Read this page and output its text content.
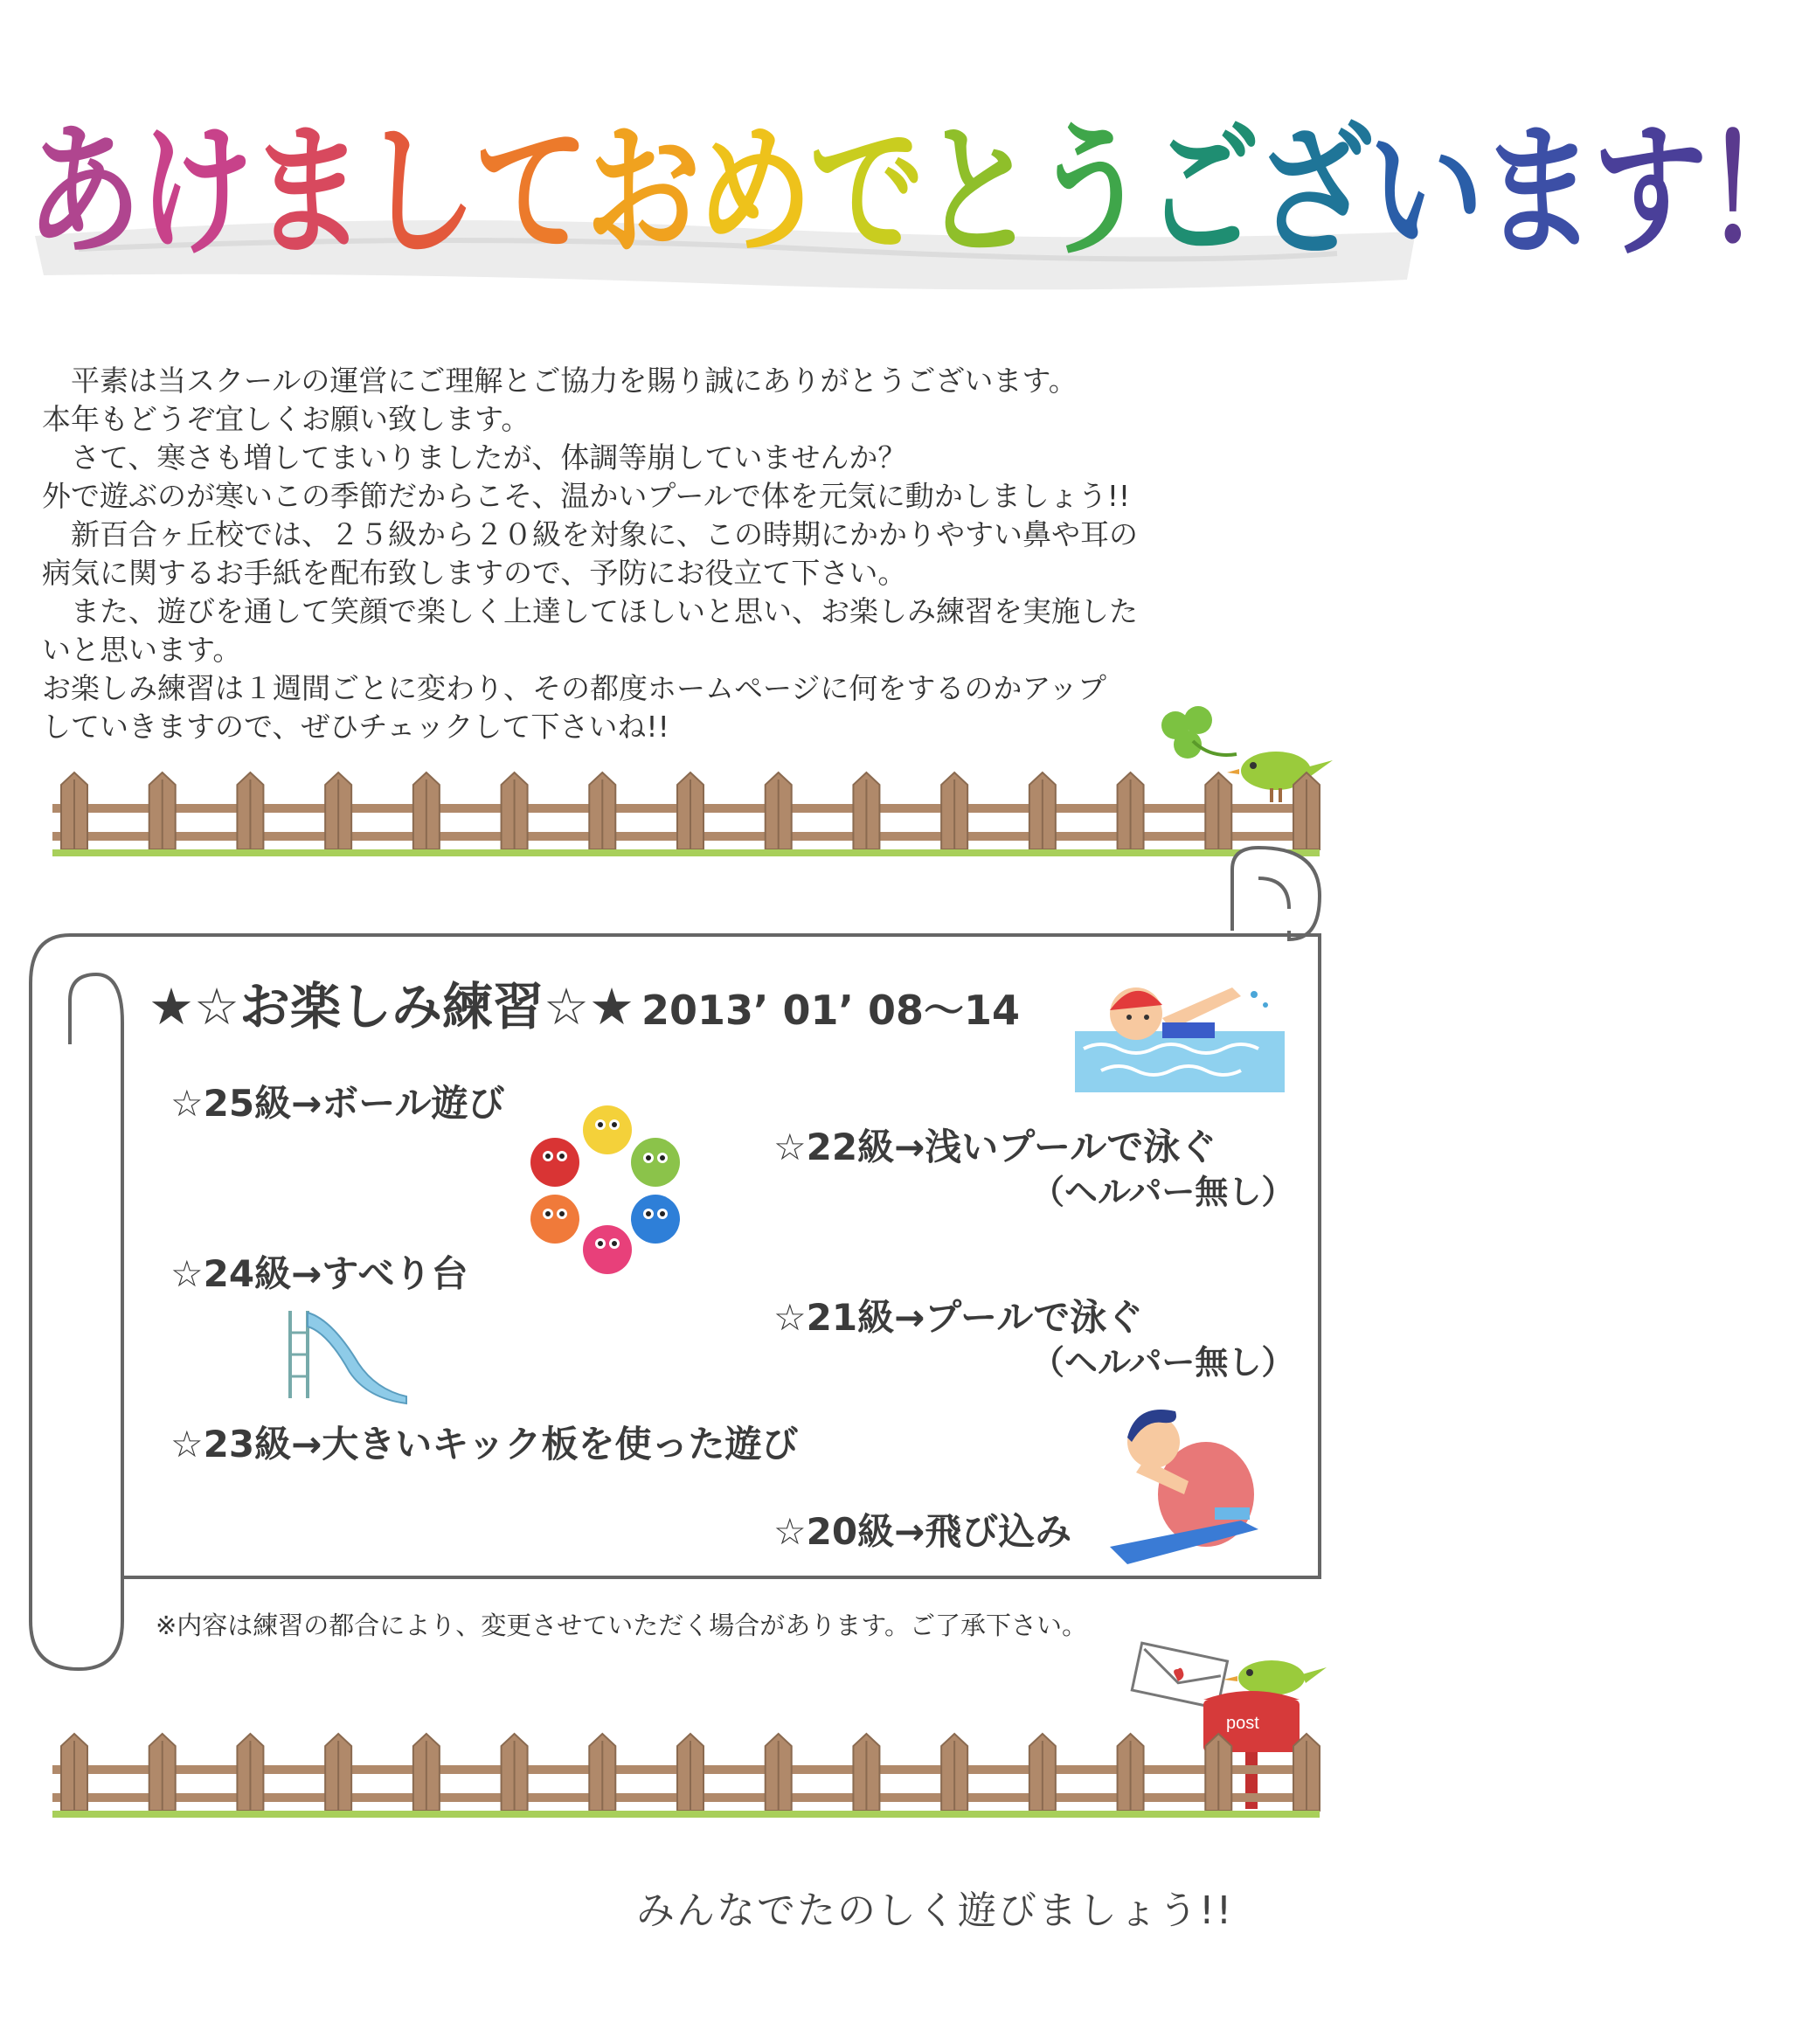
あけましておめでとうございます！

　平素は当スクールの運営にご理解とご協力を賜り誠にありがとうございます。

本年もどうぞ宜しくお願い致します。

　さて、寒さも増してまいりましたが、体調等崩していませんか？

外で遊ぶのが寒いこの季節だからこそ、温かいプールで体を元気に動かしましょう!!

　新百合ヶ丘校では、２５級から２０級を対象に、この時期にかかりやすい鼻や耳の

病気に関するお手紙を配布致しますので、予防にお役立て下さい。

　また、遊びを通して笑顔で楽しく上達してほしいと思い、お楽しみ練習を実施した

いと思います。

お楽しみ練習は１週間ごとに変わり、その都度ホームページに何をするのかアップ

していきますので、ぜひチェックして下さいね!!

★☆お楽しみ練習☆★ 2013’ 01’ 08～14
☆25級→ボール遊び
☆22級→浅いプールで泳ぐ
（ヘルパー無し）
☆24級→すべり台
☆21級→プールで泳ぐ
（ヘルパー無し）
☆23級→大きいキック板を使った遊び
☆20級→飛び込み
※内容は練習の都合により、変更させていただく場合があります。ご了承下さい。
post
みんなでたのしく遊びましょう!!
